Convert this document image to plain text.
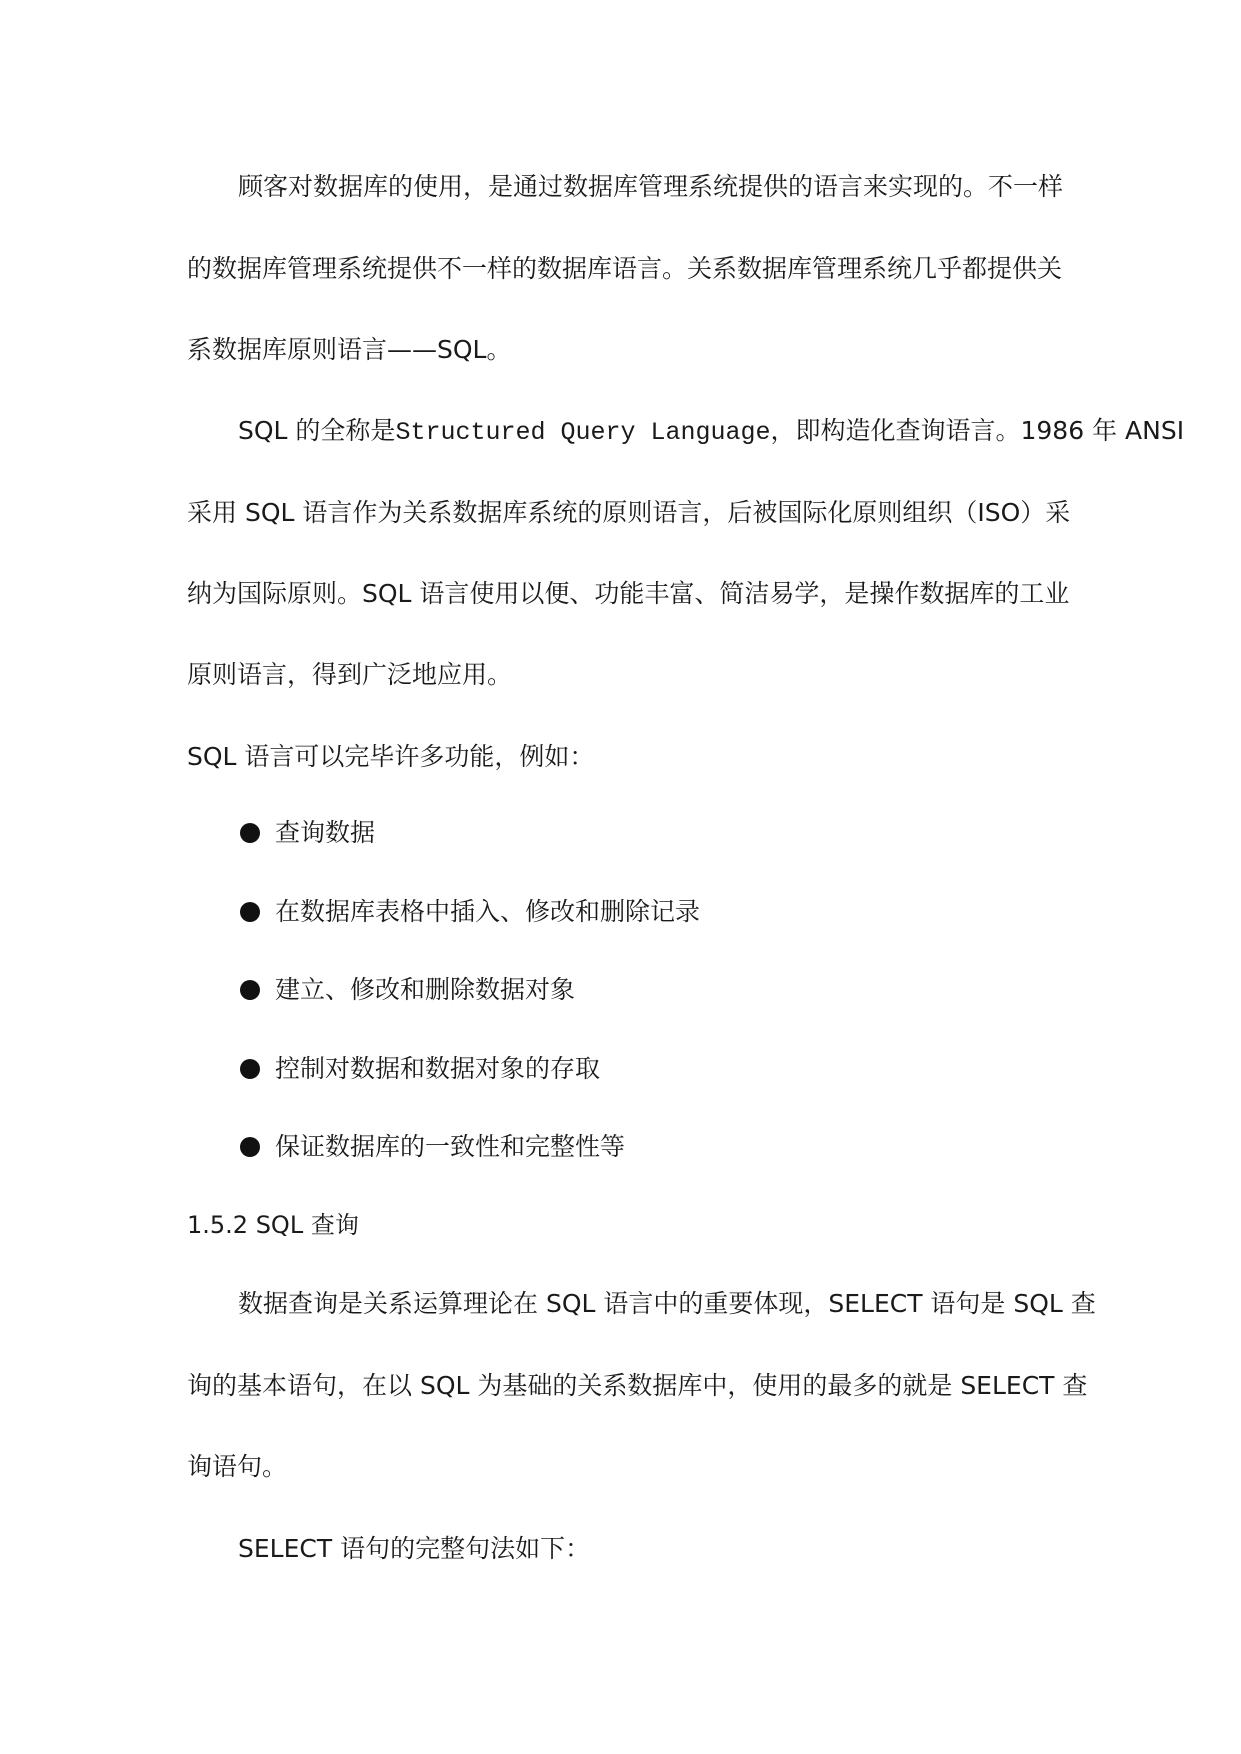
顾客对数据库的使用，是通过数据库管理系统提供的语言来实现的。不一样
的数据库管理系统提供不一样的数据库语言。关系数据库管理系统几乎都提供关
系数据库原则语言——SQL。
SQL 的全称是Structured Query Language，即构造化查询语言。1986 年 ANSI
采用 SQL 语言作为关系数据库系统的原则语言，后被国际化原则组织（ISO）采
纳为国际原则。SQL 语言使用以便、功能丰富、简洁易学，是操作数据库的工业
原则语言，得到广泛地应用。
SQL 语言可以完毕许多功能，例如：
查询数据
在数据库表格中插入、修改和删除记录
建立、修改和删除数据对象
控制对数据和数据对象的存取
保证数据库的一致性和完整性等
1.5.2 SQL 查询
数据查询是关系运算理论在 SQL 语言中的重要体现，SELECT 语句是 SQL 查
询的基本语句，在以 SQL 为基础的关系数据库中，使用的最多的就是 SELECT 查
询语句。
SELECT 语句的完整句法如下：
